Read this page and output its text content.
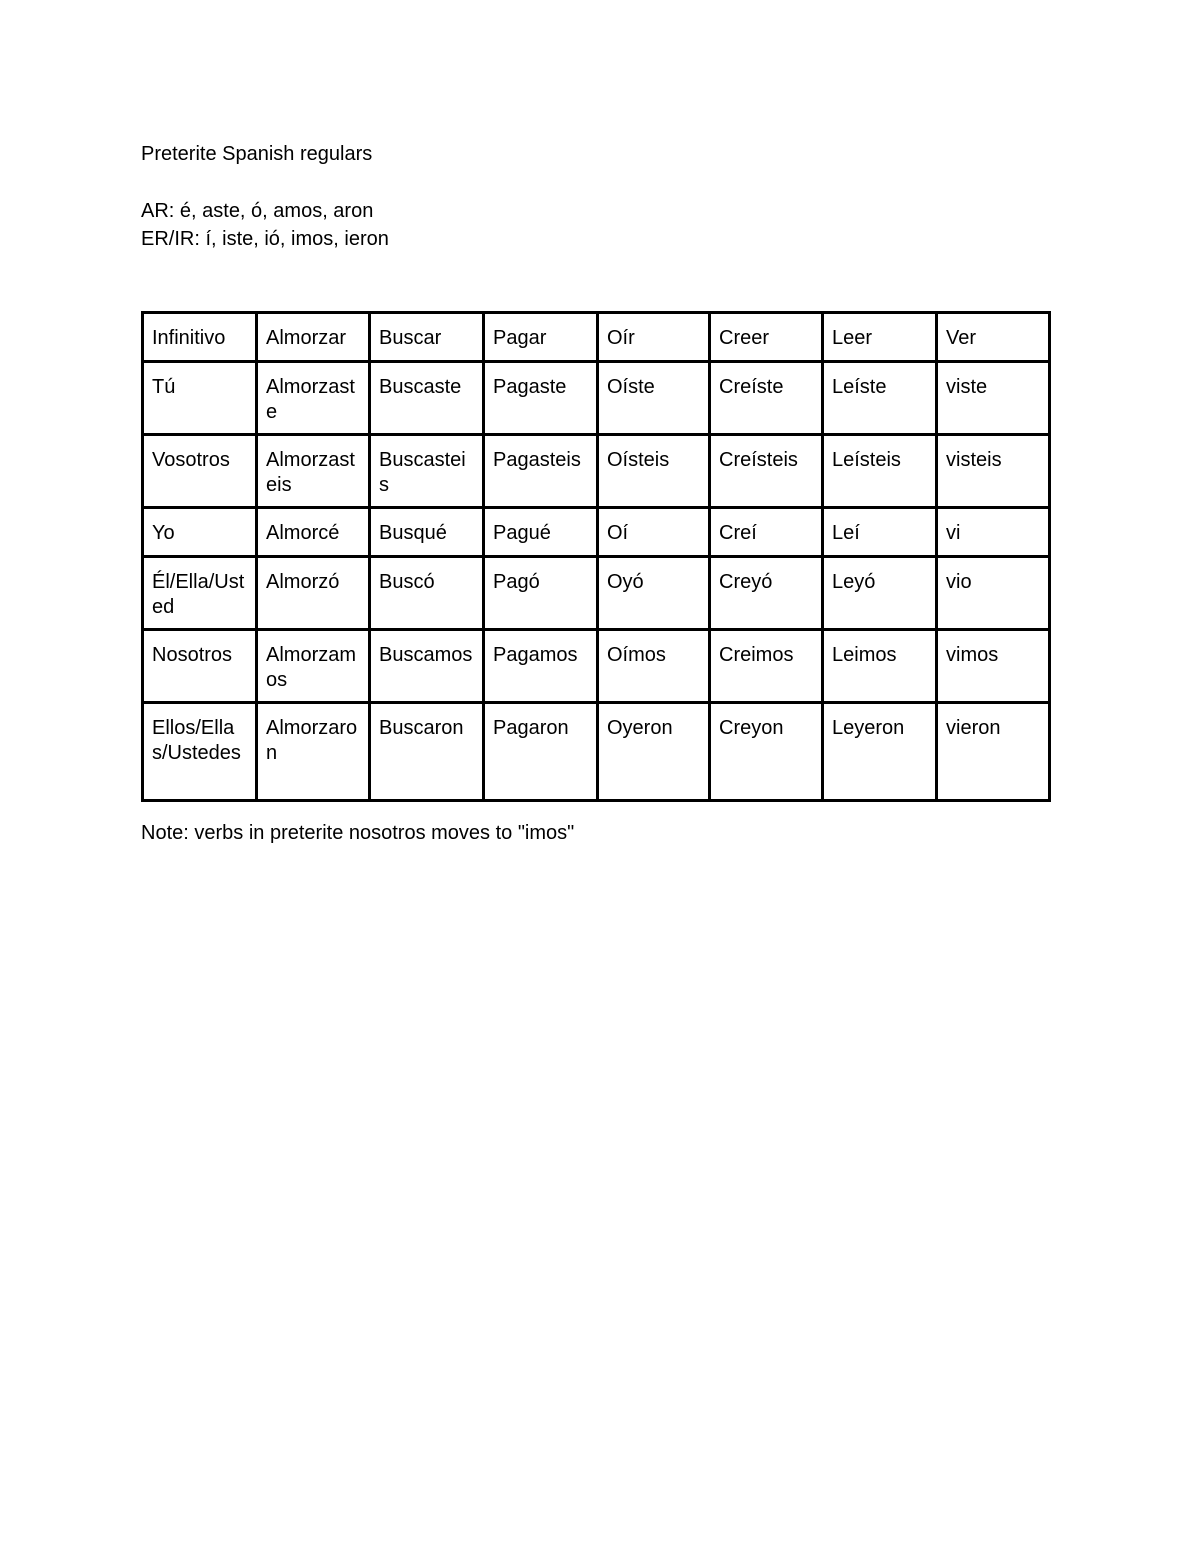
Preterite Spanish regulars
AR: é, aste, ó, amos, aron
ER/IR: í, iste, ió, imos, ieron
Infinitivo	Almorzar	Buscar	Pagar	Oír	Creer	Leer	Ver
Tú	Almorzaste	Buscaste	Pagaste	Oíste	Creíste	Leíste	viste
Vosotros	Almorzasteis	Buscasteis	Pagasteis	Oísteis	Creísteis	Leísteis	visteis
Yo	Almorcé	Busqué	Pagué	Oí	Creí	Leí	vi
Él/Ella/Usted	Almorzó	Buscó	Pagó	Oyó	Creyó	Leyó	vio
Nosotros	Almorzamos	Buscamos	Pagamos	Oímos	Creimos	Leimos	vimos
Ellos/Ellas/Ustedes	Almorzaron	Buscaron	Pagaron	Oyeron	Creyon	Leyeron	vieron
Note: verbs in preterite nosotros moves to "imos"
